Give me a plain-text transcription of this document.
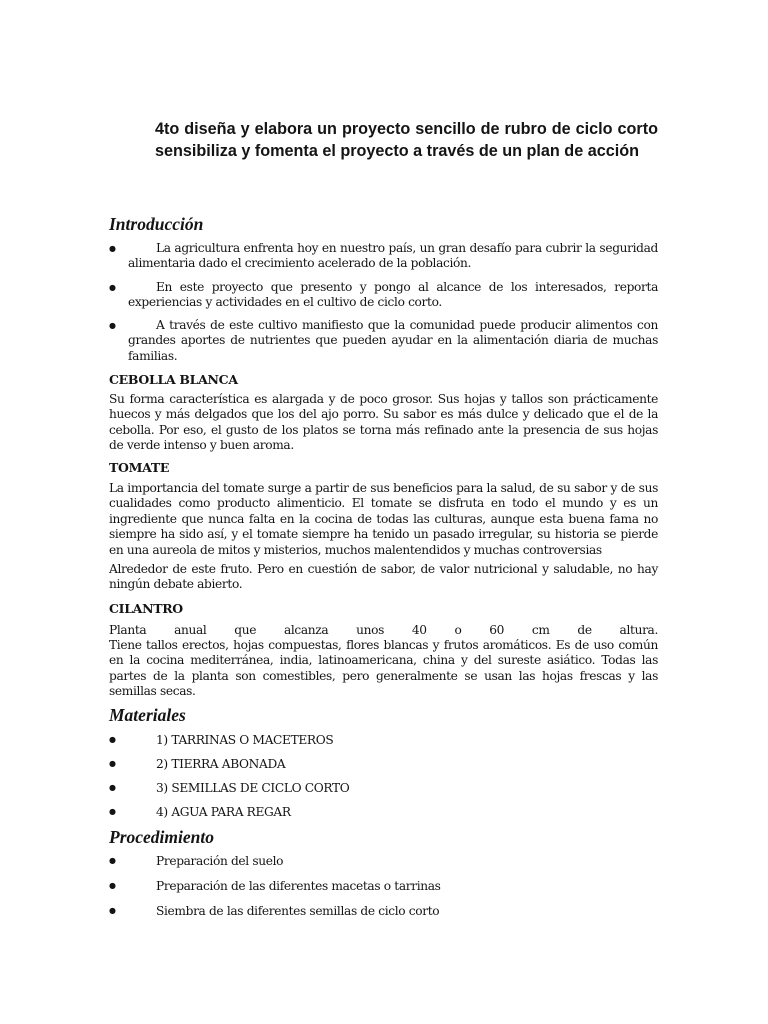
4to diseña y elabora un proyecto sencillo de rubro de ciclo corto sensibiliza y fomenta el proyecto a través de un plan de acción
Introducción
●	La agricultura enfrenta hoy en nuestro país, un gran desafío para cubrir la seguridad alimentaria dado el crecimiento acelerado de la población.
●	En este proyecto que presento y pongo al alcance de los interesados, reporta experiencias y actividades en el cultivo de ciclo corto.
●	A través de este cultivo manifiesto que la comunidad puede producir alimentos con grandes aportes de nutrientes que pueden ayudar en la alimentación diaria de muchas familias.
CEBOLLA BLANCA
Su forma característica es alargada y de poco grosor. Sus hojas y tallos son prácticamente huecos y más delgados que los del ajo porro. Su sabor es más dulce y delicado que el de la cebolla. Por eso, el gusto de los platos se torna más refinado ante la presencia de sus hojas de verde intenso y buen aroma.
TOMATE
La importancia del tomate surge a partir de sus beneficios para la salud, de su sabor y de sus cualidades como producto alimenticio. El tomate se disfruta en todo el mundo y es un ingrediente que nunca falta en la cocina de todas las culturas, aunque esta buena fama no siempre ha sido así, y el tomate siempre ha tenido un pasado irregular, su historia se pierde en una aureola de mitos y misterios, muchos malentendidos y muchas controversias
Alrededor de este fruto. Pero en cuestión de sabor, de valor nutricional y saludable, no hay ningún debate abierto.
CILANTRO
Planta anual que alcanza unos 40 o 60 cm de altura.
Tiene tallos erectos, hojas compuestas, flores blancas y frutos aromáticos. Es de uso común en la cocina mediterránea, india, latinoamericana, china y del sureste asiático. Todas las partes de la planta son comestibles, pero generalmente se usan las hojas frescas y las semillas secas.
Materiales
●	1) TARRINAS O MACETEROS
●	2) TIERRA ABONADA
●	3) SEMILLAS DE CICLO CORTO
●	4) AGUA PARA REGAR
Procedimiento
●	Preparación del suelo
●	Preparación de las diferentes macetas o tarrinas
●	Siembra de las diferentes semillas de ciclo corto
